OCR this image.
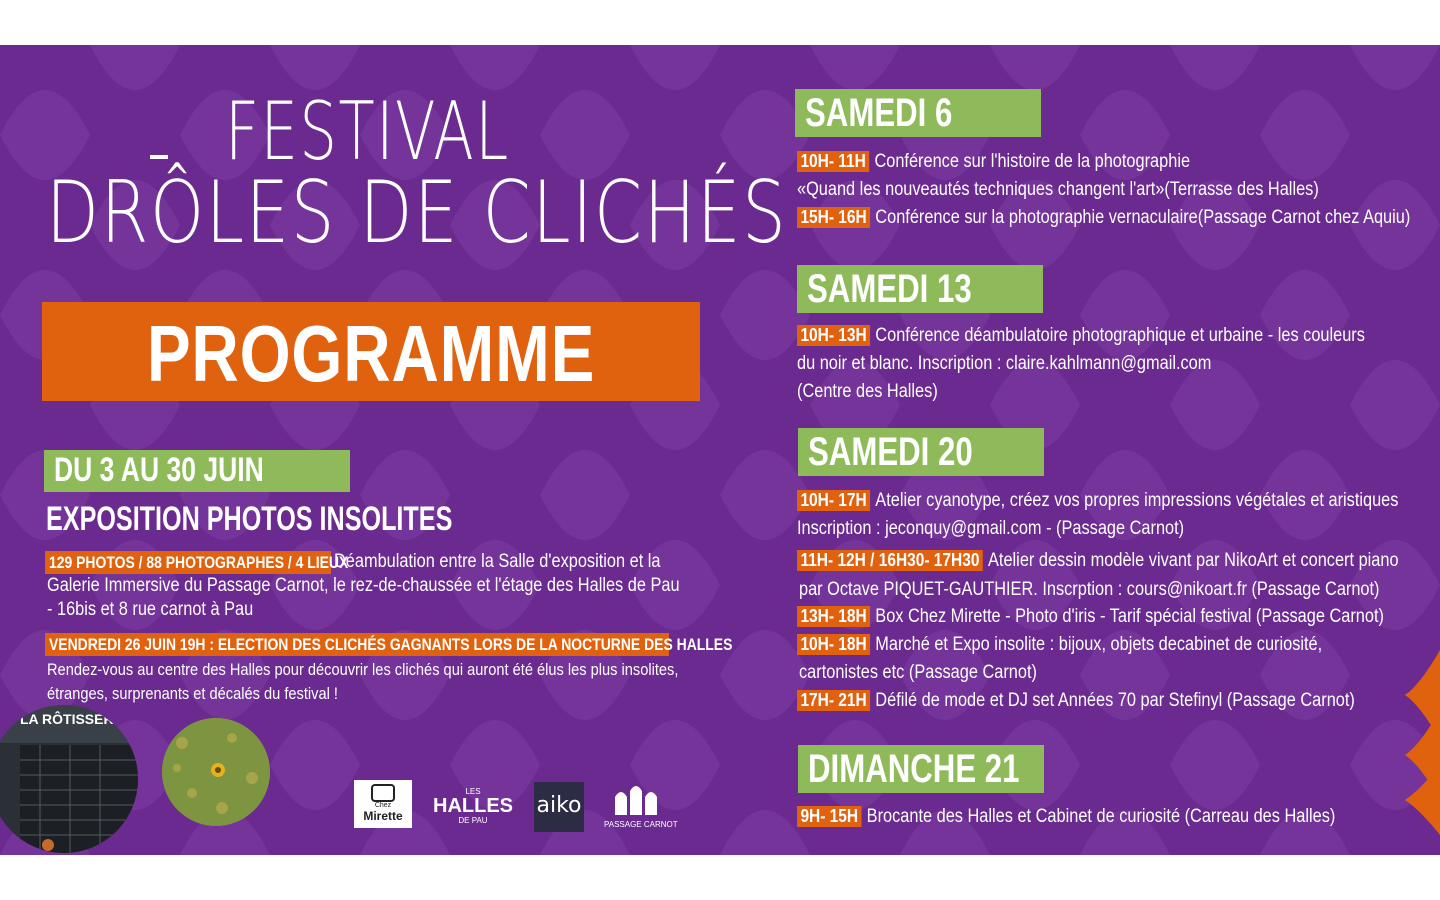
FESTIVAL
DRÔLES DE CLICHÉS
PROGRAMME
DU 3 AU 30 JUIN
EXPOSITION PHOTOS INSOLITES
129 PHOTOS / 88 PHOTOGRAPHES / 4 LIEUX
Déambulation entre la Salle d'exposition et la
Galerie Immersive du Passage Carnot, le rez-de-chaussée et l'étage des Halles de Pau
- 16bis et 8 rue carnot à Pau
VENDREDI 26 JUIN 19H : ELECTION DES CLICHÉS GAGNANTS LORS DE LA NOCTURNE DES HALLES
Rendez-vous au centre des Halles pour découvrir les clichés qui auront été élus les plus insolites,
étranges, surprenants et décalés du festival !
LA RÔTISSERI
Chez
Mirette
LES
HALLES
DE PAU
aiko
PASSAGE CARNOT
SAMEDI 6
10H- 11H Conférence sur l'histoire de la photographie
«Quand les nouveautés techniques changent l'art»(Terrasse des Halles)
15H- 16H Conférence sur la photographie vernaculaire(Passage Carnot chez Aquiu)
SAMEDI 13
10H- 13H Conférence déambulatoire photographique et urbaine - les couleurs
du noir et blanc. Inscription : claire.kahlmann@gmail.com
(Centre des Halles)
SAMEDI 20
10H- 17H Atelier cyanotype, créez vos propres impressions végétales et aristiques
Inscription : jeconquy@gmail.com - (Passage Carnot)
11H- 12H / 16H30- 17H30 Atelier dessin modèle vivant par NikoArt et concert piano
par Octave PIQUET-GAUTHIER. Inscrption : cours@nikoart.fr (Passage Carnot)
13H- 18H Box Chez Mirette - Photo d'iris - Tarif spécial festival (Passage Carnot)
10H- 18H Marché et Expo insolite : bijoux, objets decabinet de curiosité,
cartonistes etc (Passage Carnot)
17H- 21H Défilé de mode et DJ set Années 70 par Stefinyl (Passage Carnot)
DIMANCHE 21
9H- 15H Brocante des Halles et Cabinet de curiosité (Carreau des Halles)
